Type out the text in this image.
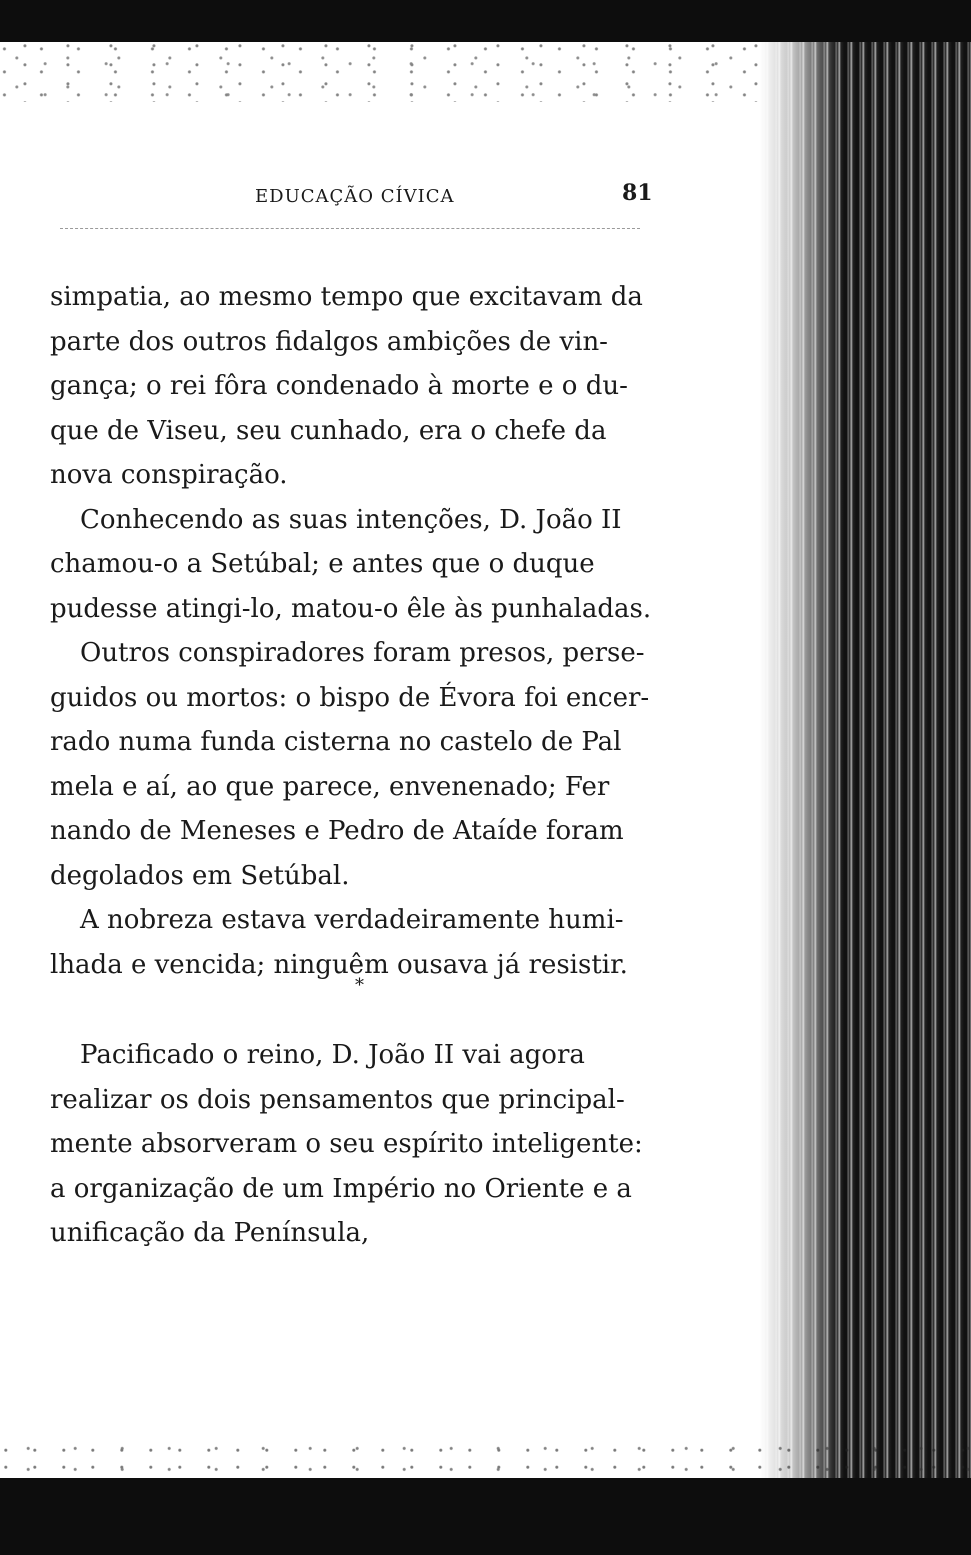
EDUCAÇÃO CÍVICA	81
simpatia, ao mesmo tempo que excitavam da
parte dos outros fidalgos ambições de vin-
gança; o rei fôra condenado à morte e o du-
que de Viseu, seu cunhado, era o chefe da
nova conspiração.
Conhecendo as suas intenções, D. João II
chamou-o a Setúbal; e antes que o duque
pudesse atingi-lo, matou-o êle às punhaladas.
Outros conspiradores foram presos, perse-
guidos ou mortos: o bispo de Évora foi encer-
rado numa funda cisterna no castelo de Pal
mela e aí, ao que parece, envenenado; Fer
nando de Meneses e Pedro de Ataíde foram
degolados em Setúbal.
A nobreza estava verdadeiramente humi-
lhada e vencida; ninguêm ousava já resistir.
*
Pacificado o reino, D. João II vai agora
realizar os dois pensamentos que principal-
mente absorveram o seu espírito inteligente:
a organização de um Império no Oriente e a
unificação da Península,
